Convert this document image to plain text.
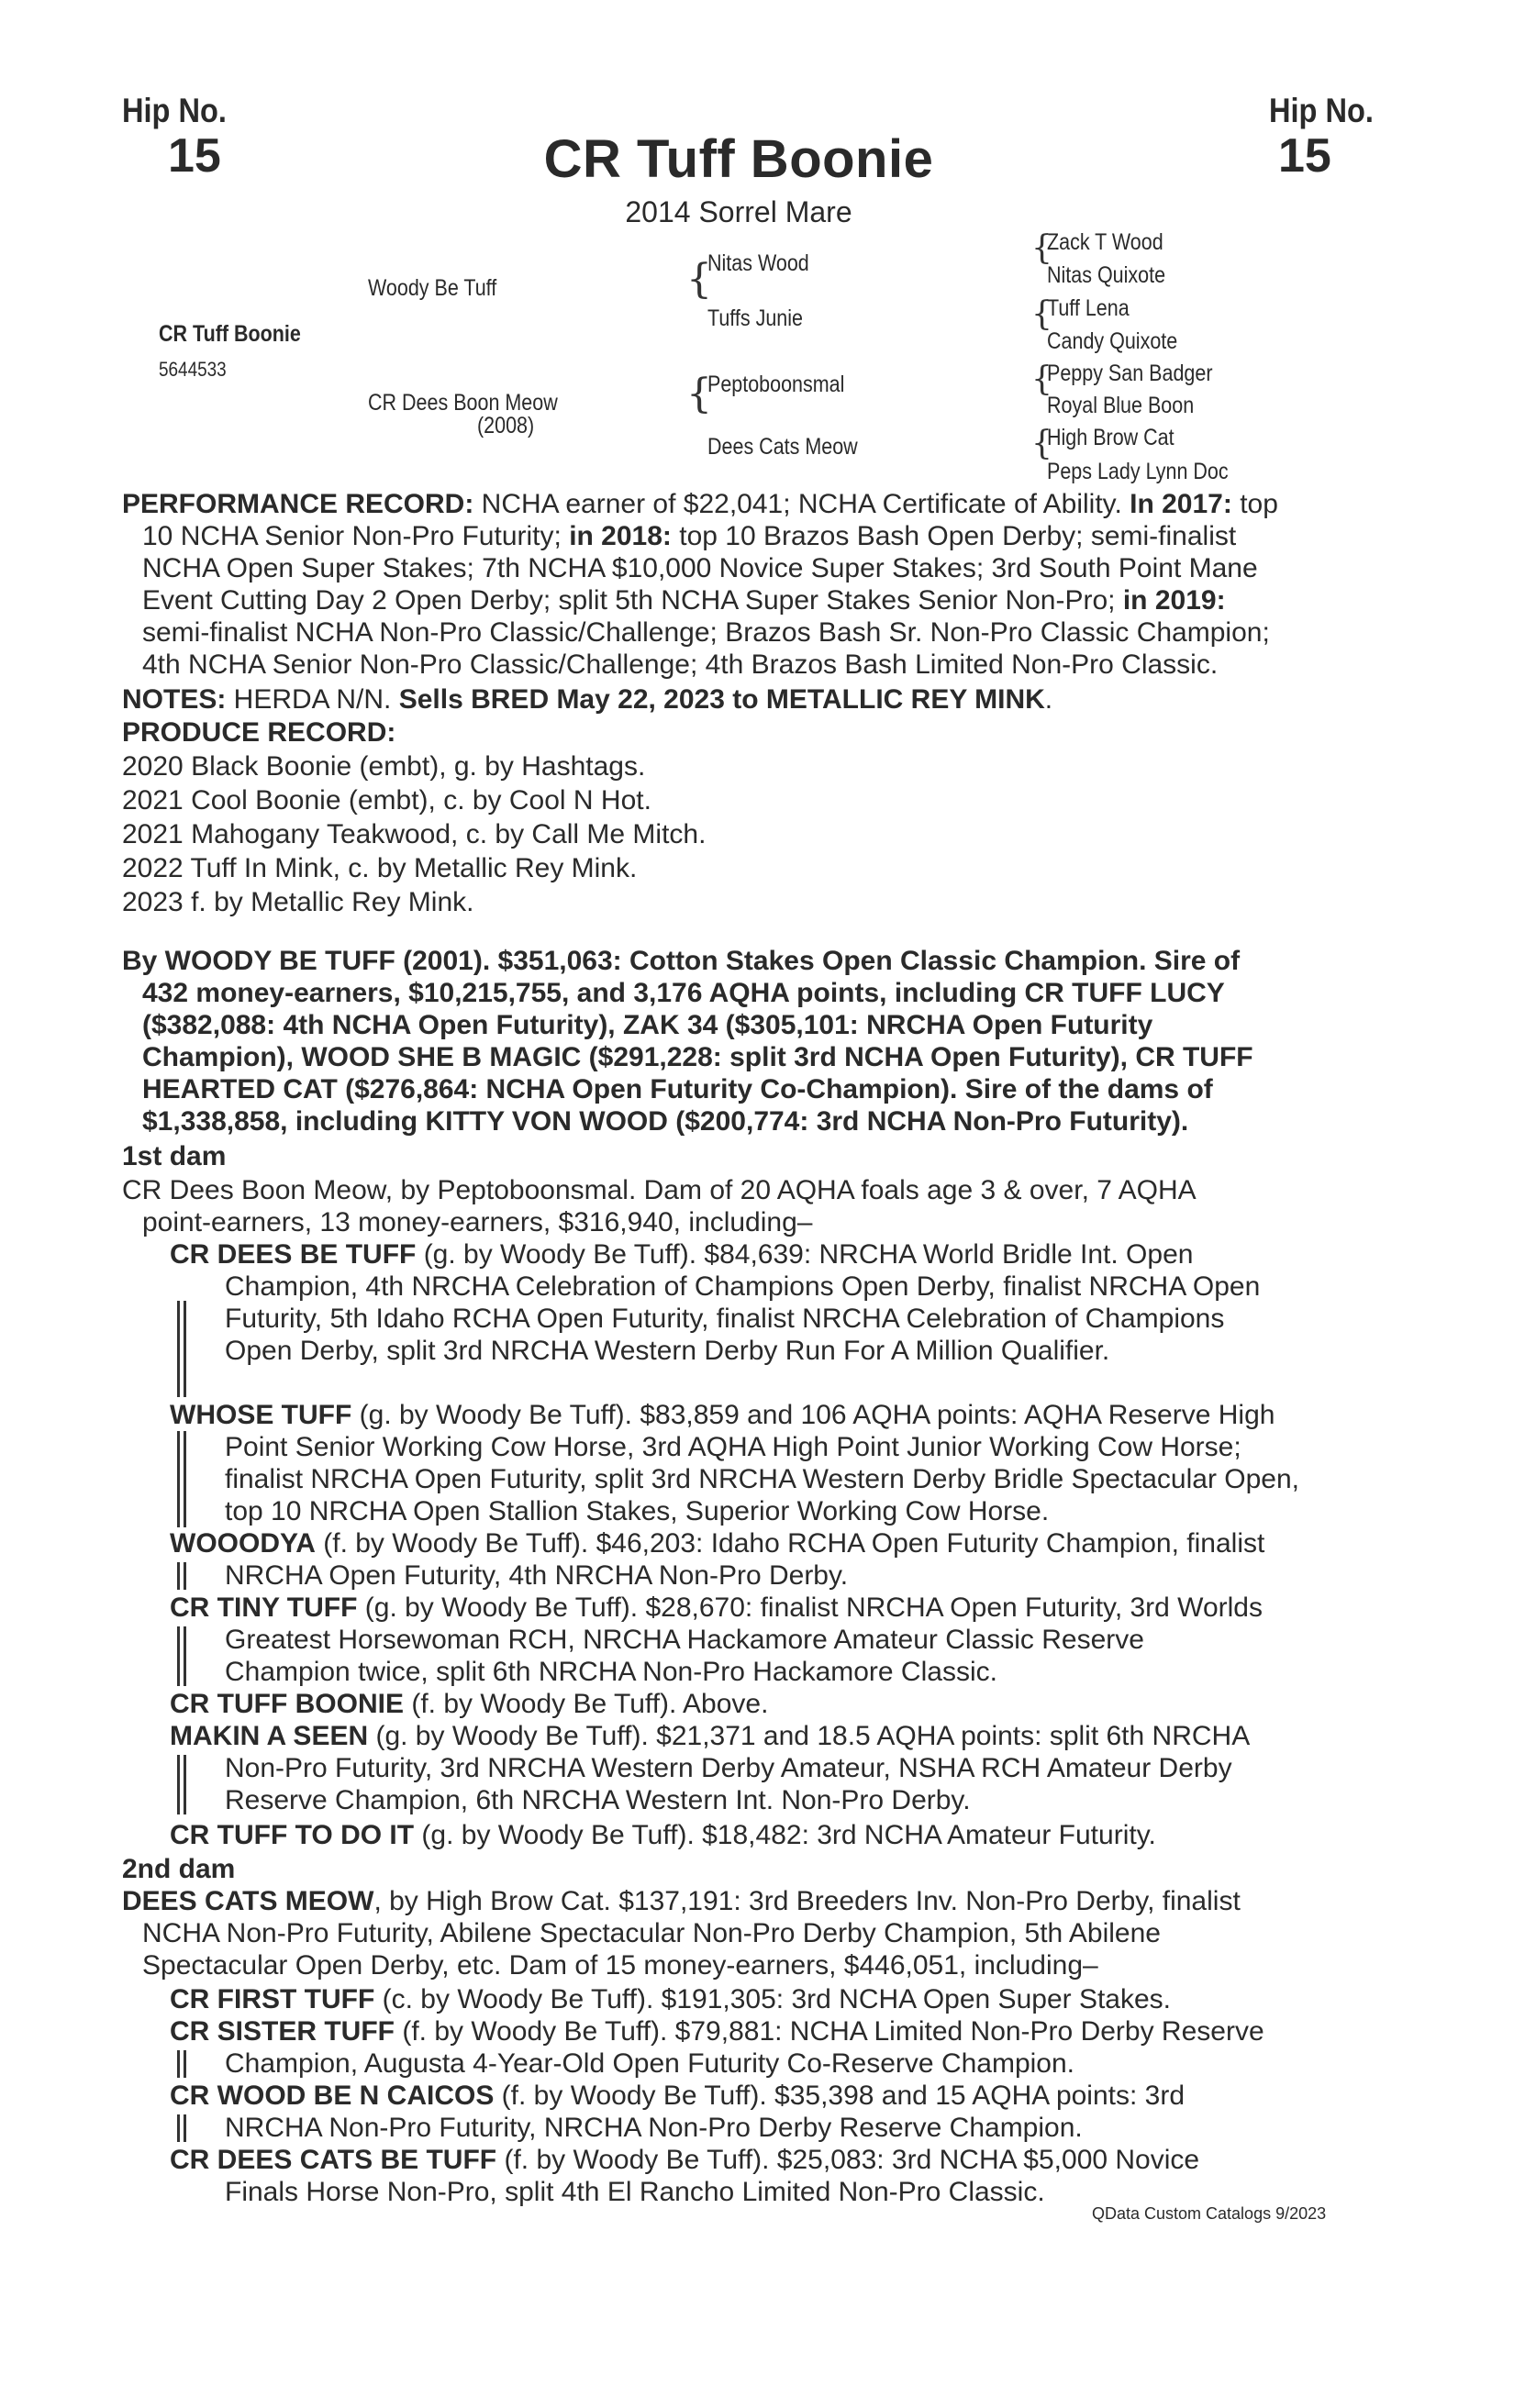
Hip No.
15
Hip No.
15
CR Tuff Boonie
2014 Sorrel Mare
CR Tuff Boonie
5644533
Woody Be Tuff
CR Dees Boon Meow
(2008)
{
Nitas Wood
Tuffs Junie
{
Peptoboonsmal
Dees Cats Meow
{
Zack T Wood
Nitas Quixote
{
Tuff Lena
Candy Quixote
{
Peppy San Badger
Royal Blue Boon
{
High Brow Cat
Peps Lady Lynn Doc
PERFORMANCE RECORD: NCHA earner of $22,041; NCHA Certificate of Ability. In 2017: top
10 NCHA Senior Non-Pro Futurity; in 2018: top 10 Brazos Bash Open Derby; semi-finalist
NCHA Open Super Stakes; 7th NCHA $10,000 Novice Super Stakes; 3rd South Point Mane
Event Cutting Day 2 Open Derby; split 5th NCHA Super Stakes Senior Non-Pro; in 2019:
semi-finalist NCHA Non-Pro Classic/Challenge; Brazos Bash Sr. Non-Pro Classic Champion;
4th NCHA Senior Non-Pro Classic/Challenge; 4th Brazos Bash Limited Non-Pro Classic.
NOTES: HERDA N/N. Sells BRED May 22, 2023 to METALLIC REY MINK.
PRODUCE RECORD:
2020 Black Boonie (embt), g. by Hashtags.
2021 Cool Boonie (embt), c. by Cool N Hot.
2021 Mahogany Teakwood, c. by Call Me Mitch.
2022 Tuff In Mink, c. by Metallic Rey Mink.
2023 f. by Metallic Rey Mink.
By WOODY BE TUFF (2001). $351,063: Cotton Stakes Open Classic Champion. Sire of
432 money-earners, $10,215,755, and 3,176 AQHA points, including CR TUFF LUCY
($382,088: 4th NCHA Open Futurity), ZAK 34 ($305,101: NRCHA Open Futurity
Champion), WOOD SHE B MAGIC ($291,228: split 3rd NCHA Open Futurity), CR TUFF
HEARTED CAT ($276,864: NCHA Open Futurity Co-Champion). Sire of the dams of
$1,338,858, including KITTY VON WOOD ($200,774: 3rd NCHA Non-Pro Futurity).
1st dam
CR Dees Boon Meow, by Peptoboonsmal. Dam of 20 AQHA foals age 3 & over, 7 AQHA
point-earners, 13 money-earners, $316,940, including–
CR DEES BE TUFF (g. by Woody Be Tuff). $84,639: NRCHA World Bridle Int. Open
Champion, 4th NRCHA Celebration of Champions Open Derby, finalist NRCHA Open
Futurity, 5th Idaho RCHA Open Futurity, finalist NRCHA Celebration of Champions
Open Derby, split 3rd NRCHA Western Derby Run For A Million Qualifier.
WHOSE TUFF (g. by Woody Be Tuff). $83,859 and 106 AQHA points: AQHA Reserve High
Point Senior Working Cow Horse, 3rd AQHA High Point Junior Working Cow Horse;
finalist NRCHA Open Futurity, split 3rd NRCHA Western Derby Bridle Spectacular Open,
top 10 NRCHA Open Stallion Stakes, Superior Working Cow Horse.
WOOODYA (f. by Woody Be Tuff). $46,203: Idaho RCHA Open Futurity Champion, finalist
NRCHA Open Futurity, 4th NRCHA Non-Pro Derby.
CR TINY TUFF (g. by Woody Be Tuff). $28,670: finalist NRCHA Open Futurity, 3rd Worlds
Greatest Horsewoman RCH, NRCHA Hackamore Amateur Classic Reserve
Champion twice, split 6th NRCHA Non-Pro Hackamore Classic.
CR TUFF BOONIE (f. by Woody Be Tuff). Above.
MAKIN A SEEN (g. by Woody Be Tuff). $21,371 and 18.5 AQHA points: split 6th NRCHA
Non-Pro Futurity, 3rd NRCHA Western Derby Amateur, NSHA RCH Amateur Derby
Reserve Champion, 6th NRCHA Western Int. Non-Pro Derby.
CR TUFF TO DO IT (g. by Woody Be Tuff). $18,482: 3rd NCHA Amateur Futurity.
2nd dam
DEES CATS MEOW, by High Brow Cat. $137,191: 3rd Breeders Inv. Non-Pro Derby, finalist
NCHA Non-Pro Futurity, Abilene Spectacular Non-Pro Derby Champion, 5th Abilene
Spectacular Open Derby, etc. Dam of 15 money-earners, $446,051, including–
CR FIRST TUFF (c. by Woody Be Tuff). $191,305: 3rd NCHA Open Super Stakes.
CR SISTER TUFF (f. by Woody Be Tuff). $79,881: NCHA Limited Non-Pro Derby Reserve
Champion, Augusta 4-Year-Old Open Futurity Co-Reserve Champion.
CR WOOD BE N CAICOS (f. by Woody Be Tuff). $35,398 and 15 AQHA points: 3rd
NRCHA Non-Pro Futurity, NRCHA Non-Pro Derby Reserve Champion.
CR DEES CATS BE TUFF (f. by Woody Be Tuff). $25,083: 3rd NCHA $5,000 Novice
Finals Horse Non-Pro, split 4th El Rancho Limited Non-Pro Classic.
QData Custom Catalogs 9/2023
